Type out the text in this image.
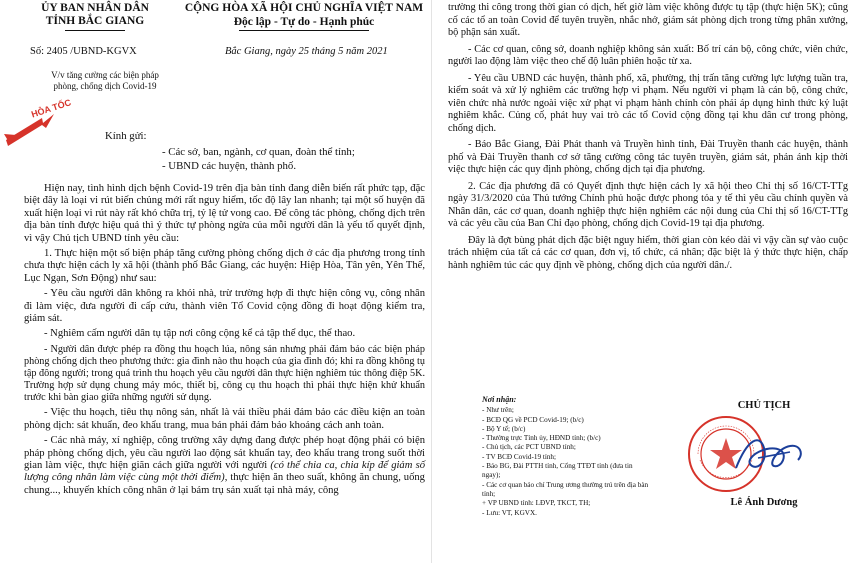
ỦY BAN NHÂN DÂN
TỈNH BẮC GIANG
CỘNG HÒA XÃ HỘI CHỦ NGHĨA VIỆT NAM
Độc lập - Tự do - Hạnh phúc
Số: 2405 /UBND-KGVX	Bắc Giang, ngày 25 tháng 5 năm 2021
V/v tăng cường các biện pháp
phòng, chống dịch Covid-19
HỎA TỐC
Kính gửi:
- Các sở, ban, ngành, cơ quan, đoàn thể tỉnh;
- UBND các huyện, thành phố.

Hiện nay, tình hình dịch bệnh Covid-19 trên địa bàn tỉnh đang diễn biến rất phức tạp, đặc biệt đây là loại vi rút biến chủng mới rất nguy hiểm, tốc độ lây lan nhanh; tại một số huyện đã xuất hiện loại vi rút này rất khó chữa trị, tỷ lệ tử vong cao. Để công tác phòng, chống dịch trên địa bàn tỉnh được hiệu quả thì ý thức tự phòng ngừa của mỗi người dân là yếu tố quyết định, vì vậy Chủ tịch UBND tỉnh yêu cầu:

1. Thực hiện một số biện pháp tăng cường phòng chống dịch ở các địa phương trong tỉnh chưa thực hiện cách ly xã hội (thành phố Bắc Giang, các huyện: Hiệp Hòa, Tân yên, Yên Thế, Lục Ngạn, Sơn Động) như sau:

- Yêu cầu người dân không ra khỏi nhà, trừ trường hợp đi thực hiện công vụ, công nhân đi làm việc, đưa người đi cấp cứu, thành viên Tổ Covid cộng đồng đi hoạt động kiểm tra, giám sát.

- Nghiêm cấm người dân tụ tập nơi công cộng kể cả tập thể dục, thể thao.

- Người dân được phép ra đồng thu hoạch lúa, nông sản nhưng phải đảm bảo các biện pháp phòng chống dịch theo phương thức: gia đình nào thu hoạch của gia đình đó; khi ra đồng không tụ tập đông người; trong quá trình thu hoạch yêu cầu người dân thực hiện nghiêm túc thông điệp 5K. Trường hợp sử dụng chung máy móc, thiết bị, công cụ thu hoạch thì phải thực hiện khử khuẩn trước khi bàn giao giữa những người sử dụng.

- Việc thu hoạch, tiêu thụ nông sản, nhất là vải thiều phải đảm bảo các điều kiện an toàn phòng dịch: sát khuẩn, đeo khẩu trang, mua bán phải đảm bảo khoảng cách anh toàn.

- Các nhà máy, xí nghiệp, công trường xây dựng đang được phép hoạt động phải có biện pháp phòng chống dịch, yêu cầu người lao động sát khuẩn tay, đeo khẩu trang trong suốt thời gian làm việc, thực hiện giãn cách giữa người với người (có thể chia ca, chia kíp để giảm số lượng công nhân làm việc cùng một thời điểm), thực hiện ăn theo suất, không ăn chung, uống chung..., khuyến khích công nhân ở lại bám trụ sản xuất tại nhà máy, công

trường thi công trong thời gian có dịch, hết giờ làm việc không được tụ tập (thực hiện 5K); cũng cố các tổ an toàn Covid để tuyên truyền, nhắc nhở, giám sát phòng dịch trong từng phân xưởng, bộ phận sản xuất.

- Các cơ quan, công sở, doanh nghiệp không sản xuất: Bố trí cán bộ, công chức, viên chức, người lao động làm việc theo chế độ luân phiên hoặc từ xa.

- Yêu cầu UBND các huyện, thành phố, xã, phường, thị trấn tăng cường lực lượng tuần tra, kiểm soát và xử lý nghiêm các trường hợp vi phạm. Nếu người vi phạm là cán bộ, công chức, viên chức nhà nước ngoài việc xử phạt vi phạm hành chính còn phải áp dụng hình thức kỷ luật nghiêm khắc. Củng cố, phát huy vai trò các tổ Covid cộng đồng tại khu dân cư trong phòng, chống dịch.

- Báo Bắc Giang, Đài Phát thanh và Truyền hình tỉnh, Đài Truyền thanh các huyện, thành phố và Đài Truyền thanh cơ sở tăng cường công tác tuyên truyền, giám sát, phản ánh kịp thời việc thực hiện các quy định phòng, chống dịch tại địa phương.

2. Các địa phương đã có Quyết định thực hiện cách ly xã hội theo Chỉ thị số 16/CT-TTg ngày 31/3/2020 của Thủ tướng Chính phủ hoặc được phong tỏa y tế thì yêu cầu chính quyền và Nhân dân, các cơ quan, doanh nghiệp thực hiện nghiêm các nội dung của Chỉ thị số 16/CT-TTg và các yêu cầu của Ban Chỉ đạo phòng, chống dịch Covid-19 tại địa phương.

Đây là đợt bùng phát dịch đặc biệt nguy hiểm, thời gian còn kéo dài vì vậy cần sự vào cuộc trách nhiệm của tất cả các cơ quan, đơn vị, tổ chức, cá nhân; đặc biệt là ý thức thực hiện, chấp hành nghiêm túc các quy định về phòng, chống dịch của người dân./.

Nơi nhận:
- Như trên;
- BCĐ QG về PCD Covid-19; (b/c)
- Bộ Y tế; (b/c)
- Thường trực Tỉnh ủy, HĐND tỉnh; (b/c)
- Chủ tịch, các PCT UBND tỉnh;
- TV BCĐ Covid-19 tỉnh;
- Báo BG, Đài PTTH tỉnh, Cổng TTĐT tỉnh (đưa tin ngay);
- Các cơ quan báo chí Trung ương thường trú trên địa bàn tỉnh;
+ VP UBND tỉnh: LĐVP, TKCT, TH;
- Lưu: VT, KGVX.
CHỦ TỊCH
Lê Ánh Dương
